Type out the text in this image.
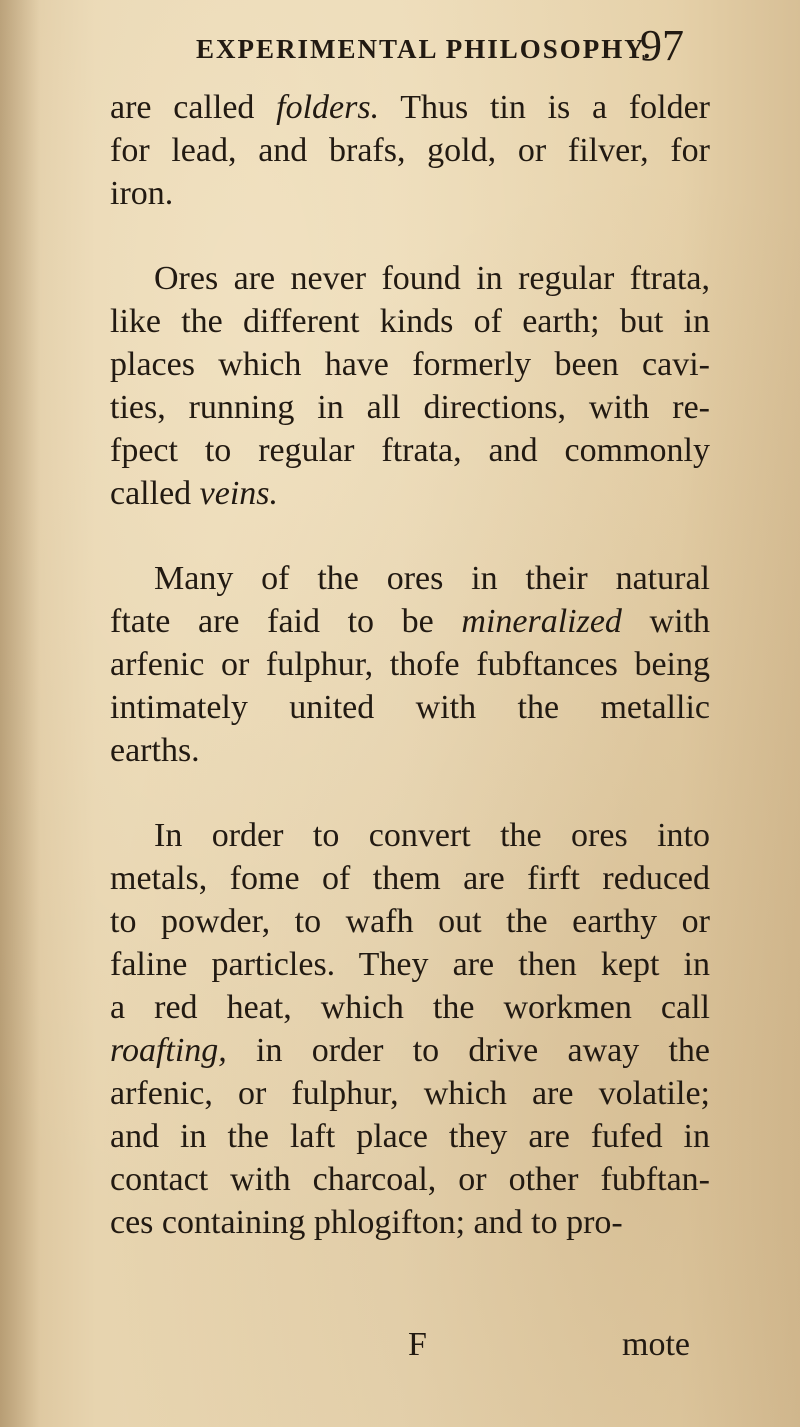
EXPERIMENTAL PHILOSOPHY.
97
are called folders. Thus tin is a folder
for lead, and brafs, gold, or filver, for
iron.
Ores are never found in regular ftrata,
like the different kinds of earth; but in
places which have formerly been cavi-
ties, running in all directions, with re-
fpect to regular ftrata, and commonly
called veins.
Many of the ores in their natural
ftate are faid to be mineralized with
arfenic or fulphur, thofe fubftances being
intimately united with the metallic
earths.
In order to convert the ores into
metals, fome of them are firft reduced
to powder, to wafh out the earthy or
faline particles. They are then kept in
a red heat, which the workmen call
roafting, in order to drive away the
arfenic, or fulphur, which are volatile;
and in the laft place they are fufed in
contact with charcoal, or other fubftan-
ces containing phlogifton; and to pro-
F	mote
